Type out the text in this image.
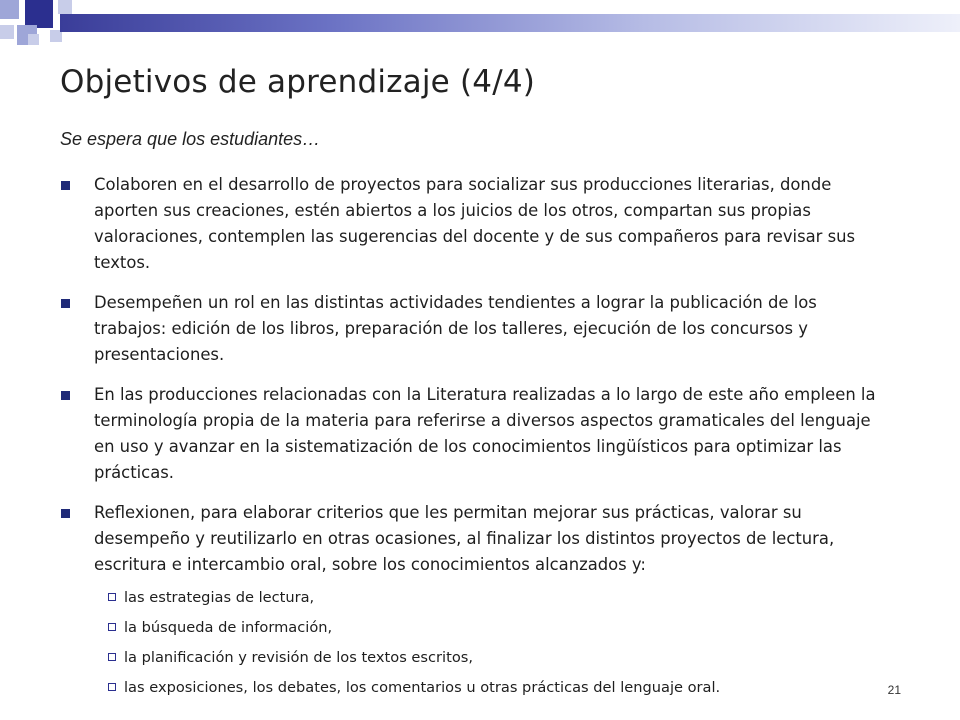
Objetivos de aprendizaje (4/4)

Se espera que los estudiantes…

Colaboren en el desarrollo de proyectos para socializar sus producciones literarias, donde aporten sus creaciones, estén abiertos a los juicios de los otros, compartan sus propias valoraciones, contemplen las sugerencias del docente y de sus compañeros para revisar sus textos.
Desempeñen un rol en las distintas actividades tendientes a lograr la publicación de los trabajos: edición de los libros, preparación de los talleres, ejecución de los concursos y presentaciones.
En las producciones relacionadas con la Literatura realizadas a lo largo de este año empleen la terminología propia de la materia para referirse a diversos aspectos gramaticales del lenguaje en uso y avanzar en la sistematización de los conocimientos lingüísticos para optimizar las prácticas.
Reflexionen, para elaborar criterios que les permitan mejorar sus prácticas, valorar su desempeño y reutilizarlo en otras ocasiones, al finalizar los distintos proyectos de lectura, escritura e intercambio oral, sobre los conocimientos alcanzados y:
las estrategias de lectura,
la búsqueda de información,
la planificación y revisión de los textos escritos,
las exposiciones, los debates, los comentarios u otras prácticas del lenguaje oral.	21
